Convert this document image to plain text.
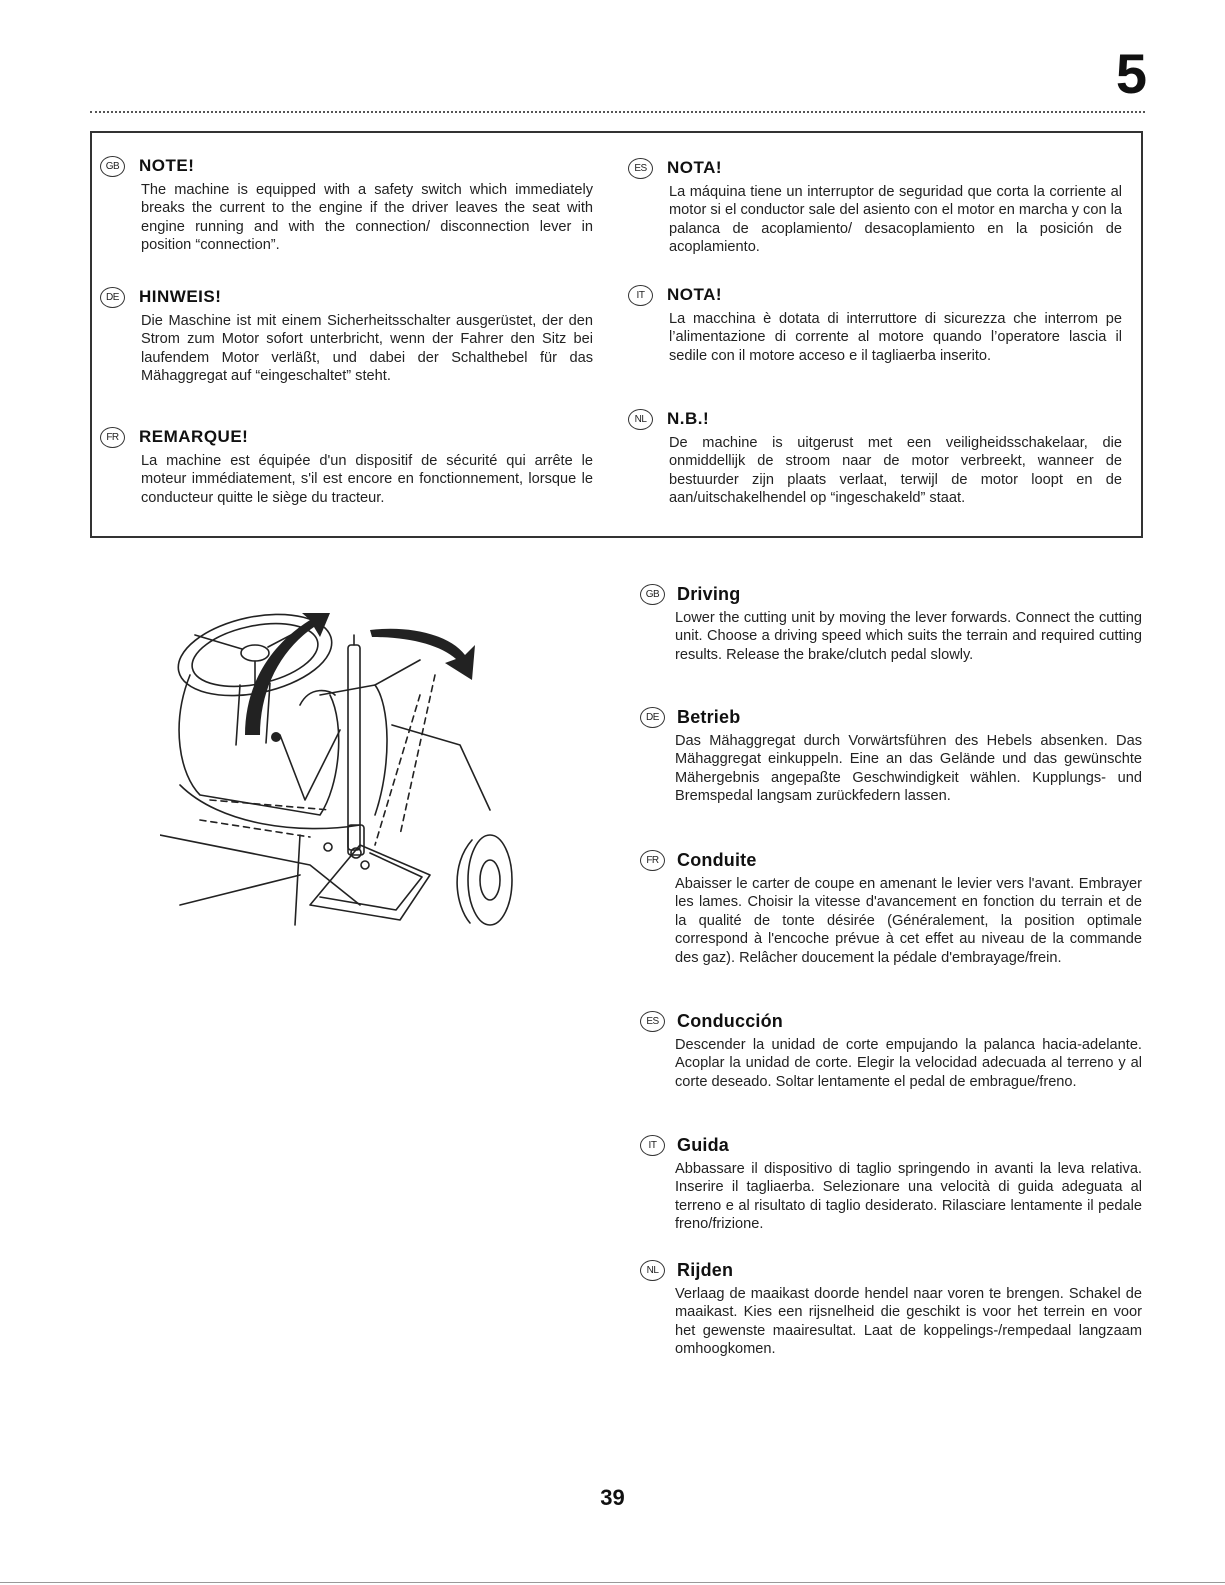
5
GB	NOTE!
The machine is equipped with a safety switch which immediately breaks the current to the engine if the driver leaves the seat with engine running and with the connection/ disconnection lever in position “connection”.
DE	HINWEIS!
Die Maschine ist mit einem Sicherheitsschalter ausgerüstet, der den Strom zum Motor sofort unterbricht, wenn der Fahrer den Sitz bei laufendem Motor verläßt, und dabei der Schalthebel für das Mähaggregat auf “eingeschaltet” steht.
FR	REMARQUE!
La machine est équipée d'un dispositif de sécurité qui arrête le moteur immédiatement, s'il est encore en fonctionnement, lorsque le conducteur quitte le siège du tracteur.
ES	NOTA!
La máquina tiene un interruptor de seguridad que corta la corriente al motor si el conductor sale del asiento con el motor en marcha y con la palanca de acoplamiento/ desacoplamiento en la posición de acoplamiento.
IT	NOTA!
La macchina è dotata di interruttore di sicurezza che interrom pe l’alimentazione di corrente al motore quando l’operatore lascia il sedile con il motore acceso e il tagliaerba inserito.
NL	N.B.!
De machine is uitgerust met een veiligheidsschakelaar, die onmiddellijk de stroom naar de motor verbreekt, wanneer de bestuurder zijn plaats verlaat, terwijl de motor loopt en de aan/uitschakelhendel op “ingeschakeld” staat.
GB Driving
Lower the cutting unit by moving the lever forwards. Connect the cutting unit. Choose a driving speed which suits the terrain and required cutting results. Release the brake/clutch pedal slowly.
DE	Betrieb
Das Mähaggregat durch Vorwärtsführen des Hebels absenken. Das Mähaggregat einkuppeln. Eine an das Gelände und das gewünschte Mähergebnis angepaßte Geschwindigkeit wählen. Kupplungs- und Bremspedal langsam zurückfedern lassen.
FR	Conduite
Abaisser le carter de coupe en amenant le levier vers l'avant. Embrayer les lames. Choisir la vitesse d'avancement en fonction du terrain et de la qualité de tonte désirée (Généralement, la position optimale correspond à l'encoche prévue à cet effet au niveau de la commande des gaz). Relâcher doucement la pédale d'embrayage/frein.
ES	Conducción
Descender la unidad de corte empujando la palanca hacia-adelante. Acoplar la unidad de corte. Elegir la velocidad adecuada al terreno y al corte deseado. Soltar lentamente el pedal de embrague/freno.
IT	Guida
Abbassare il dispositivo di taglio springendo in avanti la leva relativa. Inserire il tagliaerba. Selezionare una velocità di guida adeguata al terreno e al risultato di taglio desiderato. Rilasciare lentamente il pedale freno/frizione.
NL	Rijden
Verlaag de maaikast doorde hendel naar voren te brengen. Schakel de maaikast. Kies een rijsnelheid die geschikt is voor het terrein en voor het gewenste maairesultat. Laat de koppelings-/rempedaal langzaam omhoogkomen.
39
